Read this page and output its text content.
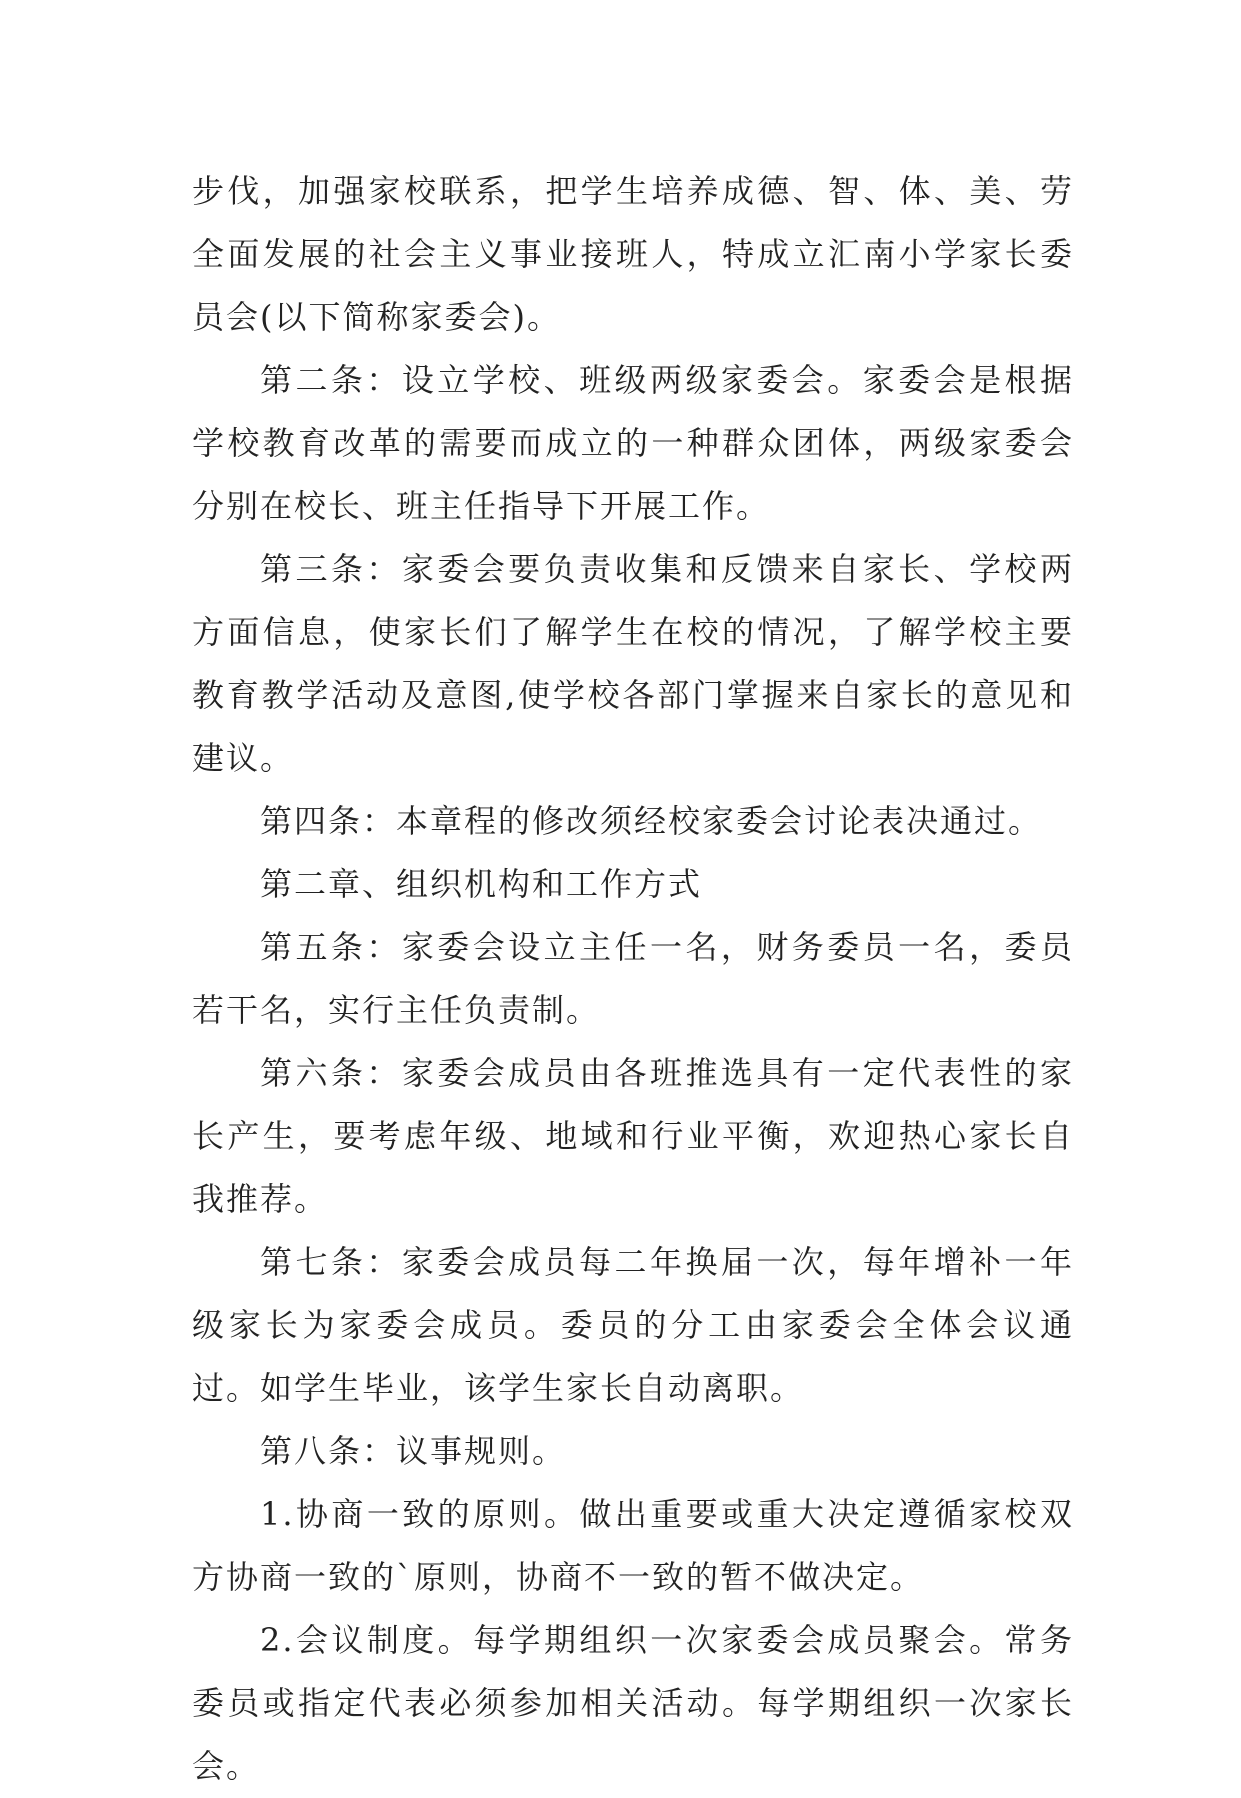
步伐，加强家校联系，把学生培养成德、智、体、美、劳全面发展的社会主义事业接班人，特成立汇南小学家长委员会(以下简称家委会)。

第二条：设立学校、班级两级家委会。家委会是根据学校教育改革的需要而成立的一种群众团体，两级家委会分别在校长、班主任指导下开展工作。

第三条：家委会要负责收集和反馈来自家长、学校两方面信息，使家长们了解学生在校的情况，了解学校主要教育教学活动及意图,使学校各部门掌握来自家长的意见和建议。

第四条：本章程的修改须经校家委会讨论表决通过。

第二章、组织机构和工作方式

第五条：家委会设立主任一名，财务委员一名，委员若干名，实行主任负责制。

第六条：家委会成员由各班推选具有一定代表性的家长产生，要考虑年级、地域和行业平衡，欢迎热心家长自我推荐。

第七条：家委会成员每二年换届一次，每年增补一年级家长为家委会成员。委员的分工由家委会全体会议通过。如学生毕业，该学生家长自动离职。

第八条：议事规则。

1.协商一致的原则。做出重要或重大决定遵循家校双方协商一致的`原则，协商不一致的暂不做决定。

2.会议制度。每学期组织一次家委会成员聚会。常务委员或指定代表必须参加相关活动。每学期组织一次家长会。
